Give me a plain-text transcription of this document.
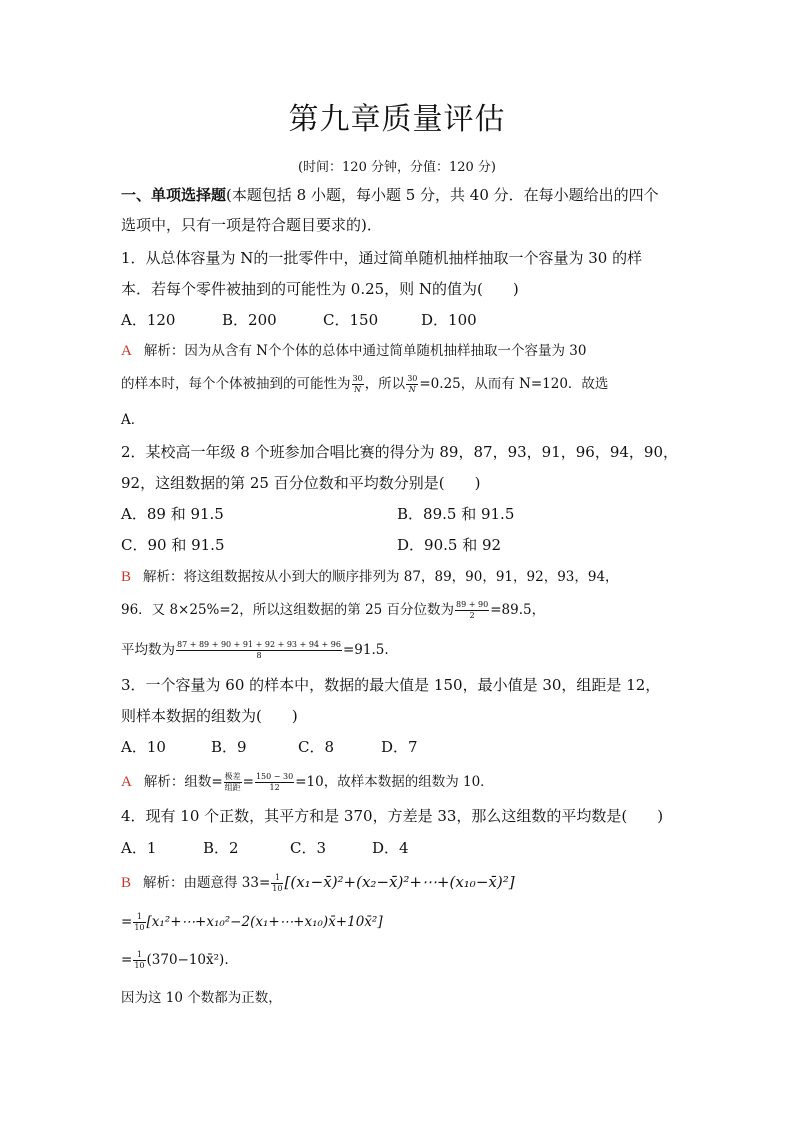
第九章质量评估
(时间：120 分钟，分值：120 分)
一、单项选择题(本题包括 8 小题，每小题 5 分，共 40 分．在每小题给出的四个
选项中，只有一项是符合题目要求的)．
1．从总体容量为 N的一批零件中，通过简单随机抽样抽取一个容量为 30 的样
本．若每个零件被抽到的可能性为 0.25，则 N的值为( )
A．120	B．200	C．150	D．100
A 解析：因为从含有 N个个体的总体中通过简单随机抽样抽取一个容量为 30
的样本时，每个个体被抽到的可能性为 $\frac{30}{N}$ ，所以 $\frac{30}{N} =0.25$，从而有 N=120．故选
A．
2．某校高一年级 8 个班参加合唱比赛的得分为 89，87，93，91，96，94，90，
92，这组数据的第 25 百分位数和平均数分别是( )
A．89 和 91.5	B．89.5 和 91.5
C．90 和 91.5	D．90.5 和 92
B 解析：将这组数据按从小到大的顺序排列为 87，89，90，91，92，93，94，
96．又 8×25%=2，所以这组数据的第 25 百分位数为 $\frac{89 + 90}{2} =89.5$，
平均数为 $\frac{87 + 89 + 90 + 91 + 92 + 93 + 94 + 96}{8} =91.5$.
3．一个容量为 60 的样本中，数据的最大值是 150，最小值是 30，组距是 12，
则样本数据的组数为( )
A．10	B．9	C．8	D．7
A 解析：组数= $\frac{\text{极差}}{\text{组距}} = \frac{150 - 30}{12} =10$，故样本数据的组数为 10．
4．现有 10 个正数，其平方和是 370，方差是 33，那么这组数的平均数是( )
A．1	B．2	C．3	D．4
B 解析：由题意得 $33= \frac{1}{10}$ [(x₁−x̄)²+(x₂−x̄)²+⋯+(x₁₀−x̄)²]
= $\frac{1}{10}$ [x₁²+⋯+x₁₀²−2(x₁+⋯+x₁₀)x̄+10x̄²]
= $\frac{1}{10}$ (370−10x̄²).
因为这 10 个数都为正数，
